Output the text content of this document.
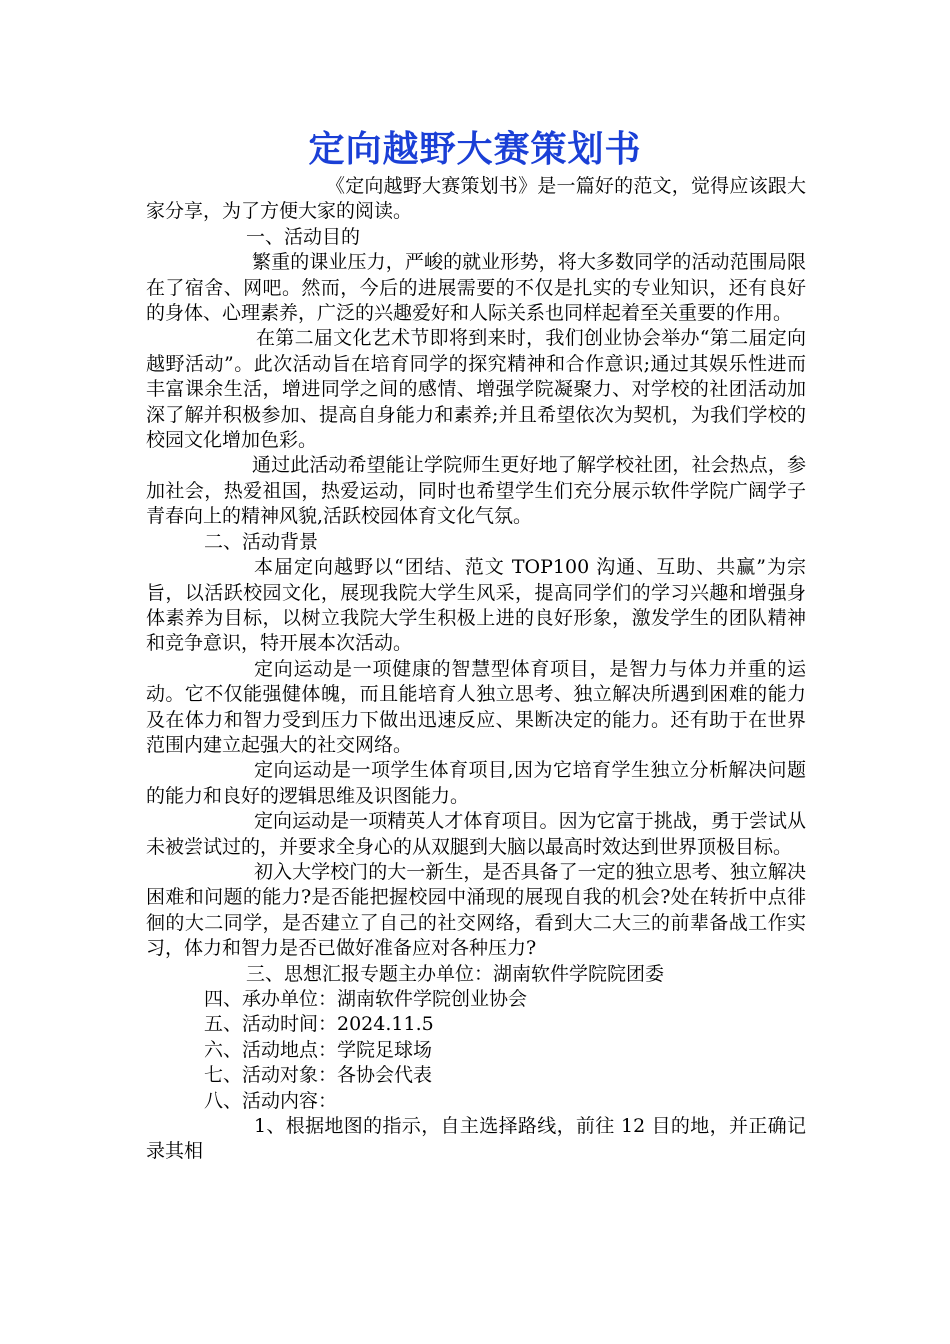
定向越野大赛策划书

《定向越野大赛策划书》是一篇好的范文，觉得应该跟大家分享，为了方便大家的阅读。

一、活动目的

繁重的课业压力，严峻的就业形势，将大多数同学的活动范围局限在了宿舍、网吧。然而，今后的进展需要的不仅是扎实的专业知识，还有良好的身体、心理素养，广泛的兴趣爱好和人际关系也同样起着至关重要的作用。

在第二届文化艺术节即将到来时，我们创业协会举办“第二届定向越野活动”。此次活动旨在培育同学的探究精神和合作意识;通过其娱乐性进而丰富课余生活，增进同学之间的感情、增强学院凝聚力、对学校的社团活动加深了解并积极参加、提高自身能力和素养;并且希望依次为契机，为我们学校的校园文化增加色彩。

通过此活动希望能让学院师生更好地了解学校社团，社会热点，参加社会，热爱祖国，热爱运动，同时也希望学生们充分展示软件学院广阔学子青春向上的精神风貌,活跃校园体育文化气氛。

二、活动背景

本届定向越野以“团结、范文 TOP100 沟通、互助、共赢”为宗旨，以活跃校园文化，展现我院大学生风采，提高同学们的学习兴趣和增强身体素养为目标，以树立我院大学生积极上进的良好形象，激发学生的团队精神和竞争意识，特开展本次活动。

定向运动是一项健康的智慧型体育项目，是智力与体力并重的运动。它不仅能强健体魄，而且能培育人独立思考、独立解决所遇到困难的能力及在体力和智力受到压力下做出迅速反应、果断决定的能力。还有助于在世界范围内建立起强大的社交网络。

定向运动是一项学生体育项目,因为它培育学生独立分析解决问题的能力和良好的逻辑思维及识图能力。

定向运动是一项精英人才体育项目。因为它富于挑战，勇于尝试从未被尝试过的，并要求全身心的从双腿到大脑以最高时效达到世界顶极目标。

初入大学校门的大一新生，是否具备了一定的独立思考、独立解决困难和问题的能力?是否能把握校园中涌现的展现自我的机会?处在转折中点徘徊的大二同学，是否建立了自己的社交网络，看到大二大三的前辈备战工作实习，体力和智力是否已做好准备应对各种压力?

三、思想汇报专题主办单位：湖南软件学院院团委

四、承办单位：湖南软件学院创业协会

五、活动时间：2024.11.5

六、活动地点：学院足球场

七、活动对象：各协会代表

八、活动内容：

1、根据地图的指示，自主选择路线，前往 12 目的地，并正确记录其相
